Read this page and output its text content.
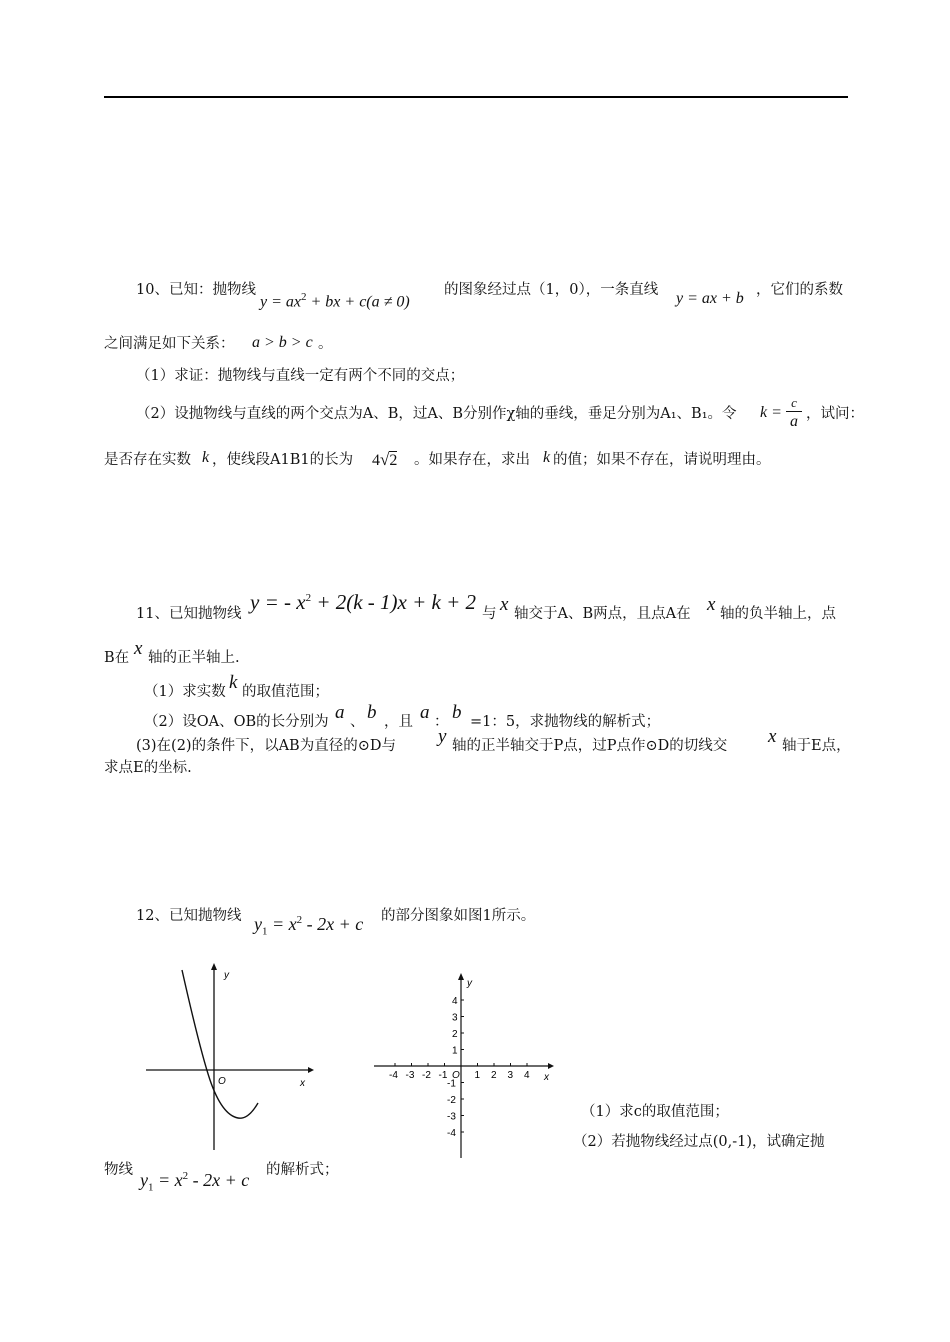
10、已知：抛物线
$y = ax^2$ + bx + c(a ≠ 0)
的图象经过点（1，0），一条直线 y = ax + b ，它们的系数
之间满足如下关系： a > b > c 。
（1）求证：抛物线与直线一定有两个不同的交点；
（2）设抛物线与直线的两个交点为A、B，过A、B分别作χ轴的垂线，垂足分别为A₁、B₁。令 k =
c
a ，试问：
是否存在实数 k ，使线段A1B1的长为 4√2 。如果存在，求出 k 的值；如果不存在，请说明理由。
11、已知抛物线 y = - $x^2 + 2(k - 1)x + k + 2$ 与 x 轴交于A、B两点，且点A在 x 轴的负半轴上，点
B在 x 轴的正半轴上.
（1）求实数 k 的取值范围；
（2）设OA、OB的长分别为 a 、 b ，且 a ： b =1：5，求抛物线的解析式；
(3)在(2)的条件下，以AB为直径的⊙D与 y 轴的正半轴交于P点，过P点作⊙D的切线交 x 轴于E点，
求点E的坐标.
12、已知抛物线 $y_1 = x^2 - 2x + c$ 的部分图象如图1所示。
x
y
O
-4 -3 -2 -1	1 2 3 4
4
3
2
1
-1
-2
-3
-4
x
y
O
（1）求c的取值范围；
（2）若抛物线经过点(0,-1)，试确定抛
物线 $y_1 = x^2 - 2x + c$ 的解析式；
